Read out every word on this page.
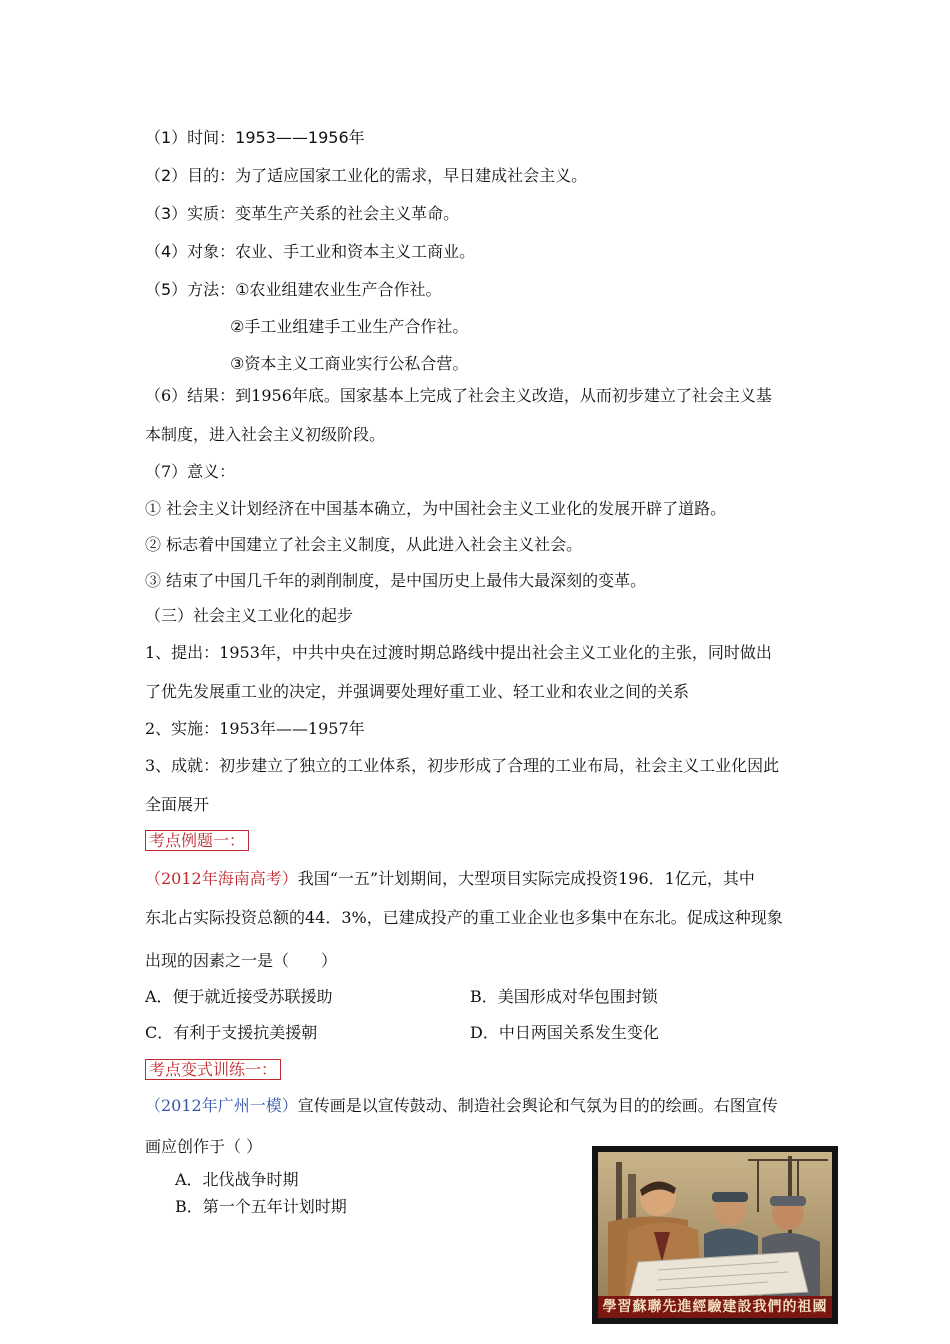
（1）时间：1953——1956年
（2）目的：为了适应国家工业化的需求，早日建成社会主义。
（3）实质：变革生产关系的社会主义革命。
（4）对象：农业、手工业和资本主义工商业。
（5）方法：①农业组建农业生产合作社。
②手工业组建手工业生产合作社。
③资本主义工商业实行公私合营。
（6）结果：到1956年底。国家基本上完成了社会主义改造，从而初步建立了社会主义基
本制度，进入社会主义初级阶段。
（7）意义：
① 社会主义计划经济在中国基本确立，为中国社会主义工业化的发展开辟了道路。
② 标志着中国建立了社会主义制度，从此进入社会主义社会。
③ 结束了中国几千年的剥削制度，是中国历史上最伟大最深刻的变革。
（三）社会主义工业化的起步
1、提出：1953年，中共中央在过渡时期总路线中提出社会主义工业化的主张，同时做出
了优先发展重工业的决定，并强调要处理好重工业、轻工业和农业之间的关系
2、实施：1953年——1957年
3、成就：初步建立了独立的工业体系，初步形成了合理的工业布局，社会主义工业化因此
全面展开
考点例题一：
（2012年海南高考）我国“一五”计划期间，大型项目实际完成投资196．1亿元，其中
东北占实际投资总额的44．3%，已建成投产的重工业企业也多集中在东北。促成这种现象
出现的因素之一是（　　）
A．便于就近接受苏联援助	B．美国形成对华包围封锁
C．有利于支援抗美援朝	D．中日两国关系发生变化
考点变式训练一：
（2012年广州一模）宣传画是以宣传鼓动、制造社会舆论和气氛为目的的绘画。右图宣传
画应创作于（ ）
A．北伐战争时期
B．第一个五年计划时期
學習蘇聯先進經驗建設我們的祖國
